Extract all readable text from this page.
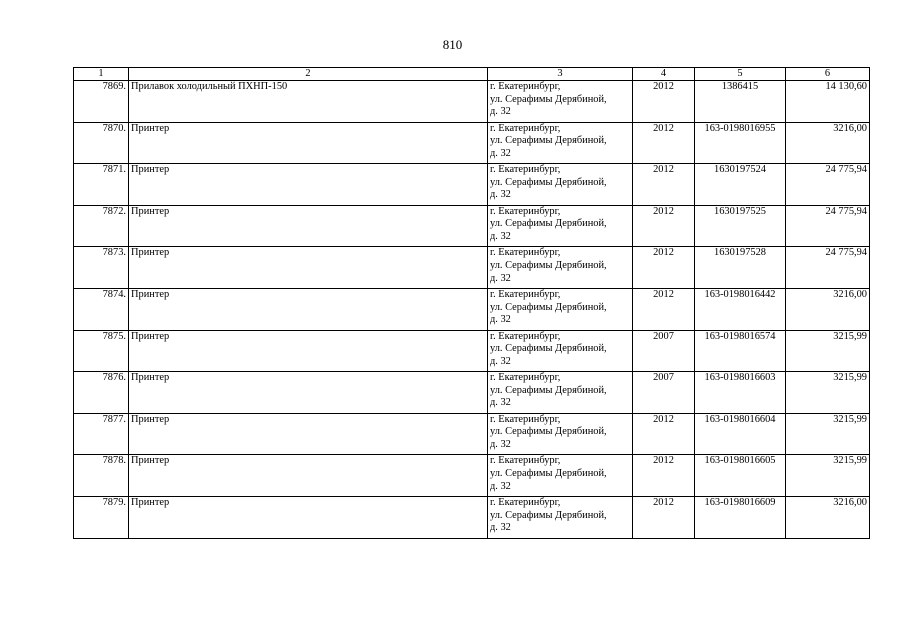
810
1	2	3	4	5	6
7869.	Прилавок холодильный ПХНП-150	г. Екатеринбург,
ул. Серафимы Дерябиной,
д. 32	2012	1386415	14 130,60
7870.	Принтер	г. Екатеринбург,
ул. Серафимы Дерябиной,
д. 32	2012	163-0198016955	3216,00
7871.	Принтер	г. Екатеринбург,
ул. Серафимы Дерябиной,
д. 32	2012	1630197524	24 775,94
7872.	Принтер	г. Екатеринбург,
ул. Серафимы Дерябиной,
д. 32	2012	1630197525	24 775,94
7873.	Принтер	г. Екатеринбург,
ул. Серафимы Дерябиной,
д. 32	2012	1630197528	24 775,94
7874.	Принтер	г. Екатеринбург,
ул. Серафимы Дерябиной,
д. 32	2012	163-0198016442	3216,00
7875.	Принтер	г. Екатеринбург,
ул. Серафимы Дерябиной,
д. 32	2007	163-0198016574	3215,99
7876.	Принтер	г. Екатеринбург,
ул. Серафимы Дерябиной,
д. 32	2007	163-0198016603	3215,99
7877.	Принтер	г. Екатеринбург,
ул. Серафимы Дерябиной,
д. 32	2012	163-0198016604	3215,99
7878.	Принтер	г. Екатеринбург,
ул. Серафимы Дерябиной,
д. 32	2012	163-0198016605	3215,99
7879.	Принтер	г. Екатеринбург,
ул. Серафимы Дерябиной,
д. 32	2012	163-0198016609	3216,00
